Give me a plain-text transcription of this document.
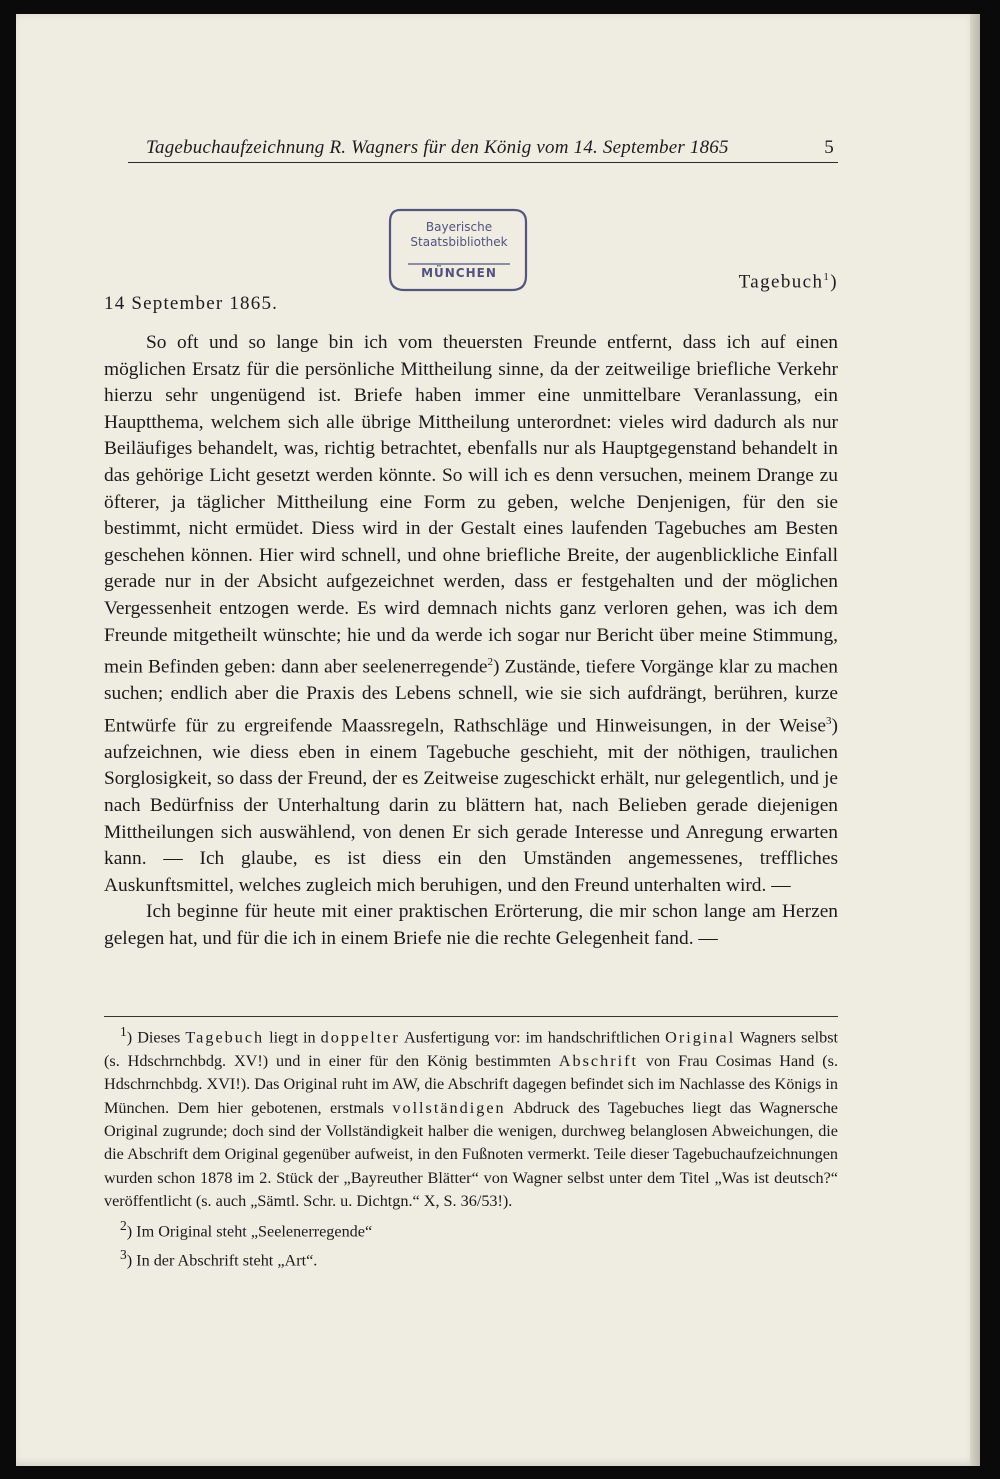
Tagebuchaufzeichnung R. Wagners für den König vom 14. September 1865	5
Bayerische
Staatsbibliothek
MÜNCHEN	Tagebuch$^1$)
14 September 1865.

So oft und so lange bin ich vom theuersten Freunde entfernt, dass ich auf einen möglichen Ersatz für die persönliche Mittheilung sinne, da der zeitweilige briefliche Verkehr hierzu sehr ungenügend ist. Briefe haben immer eine unmittelbare Veranlassung, ein Hauptthema, welchem sich alle übrige Mittheilung unterordnet: vieles wird dadurch als nur Beiläufiges behandelt, was, richtig betrachtet, ebenfalls nur als Hauptgegenstand behandelt in das gehörige Licht gesetzt werden könnte. So will ich es denn versuchen, meinem Drange zu öfterer, ja täglicher Mittheilung eine Form zu geben, welche Denjenigen, für den sie bestimmt, nicht ermüdet. Diess wird in der Gestalt eines laufenden Tagebuches am Besten geschehen können. Hier wird schnell, und ohne briefliche Breite, der augenblickliche Einfall gerade nur in der Absicht aufgezeichnet werden, dass er festgehalten und der möglichen Vergessenheit entzogen werde. Es wird demnach nichts ganz verloren gehen, was ich dem Freunde mitgetheilt wünschte; hie und da werde ich sogar nur Bericht über meine Stimmung, mein Befinden geben: dann aber seelenerregende$^2$) Zustände, tiefere Vorgänge klar zu machen suchen; endlich aber die Praxis des Lebens schnell, wie sie sich aufdrängt, berühren, kurze Entwürfe für zu ergreifende Maassregeln, Rathschläge und Hinweisungen, in der Weise$^3$) aufzeichnen, wie diess eben in einem Tagebuche geschieht, mit der nöthigen, traulichen Sorglosigkeit, so dass der Freund, der es Zeitweise zugeschickt erhält, nur gelegentlich, und je nach Bedürfniss der Unterhaltung darin zu blättern hat, nach Belieben gerade diejenigen Mittheilungen sich auswählend, von denen Er sich gerade Interesse und Anregung erwarten kann. — Ich glaube, es ist diess ein den Umständen angemessenes, treffliches Auskunftsmittel, welches zugleich mich beruhigen, und den Freund unterhalten wird. —

Ich beginne für heute mit einer praktischen Erörterung, die mir schon lange am Herzen gelegen hat, und für die ich in einem Briefe nie die rechte Gelegenheit fand. —

$^1$) Dieses Tagebuch liegt in doppelter Ausfertigung vor: im handschriftlichen Original Wagners selbst (s. Hdschrnchbdg. XV!) und in einer für den König bestimmten Abschrift von Frau Cosimas Hand (s. Hdschrnchbdg. XVI!). Das Original ruht im AW, die Abschrift dagegen befindet sich im Nachlasse des Königs in München. Dem hier gebotenen, erstmals vollständigen Abdruck des Tagebuches liegt das Wagnersche Original zugrunde; doch sind der Vollständigkeit halber die wenigen, durchweg belanglosen Abweichungen, die die Abschrift dem Original gegenüber aufweist, in den Fußnoten vermerkt. Teile dieser Tagebuchaufzeichnungen wurden schon 1878 im 2. Stück der „Bayreuther Blätter“ von Wagner selbst unter dem Titel „Was ist deutsch?“ veröffentlicht (s. auch „Sämtl. Schr. u. Dichtgn.“ X, S. 36/53!).

$^2$) Im Original steht „Seelenerregende“

$^3$) In der Abschrift steht „Art“.
